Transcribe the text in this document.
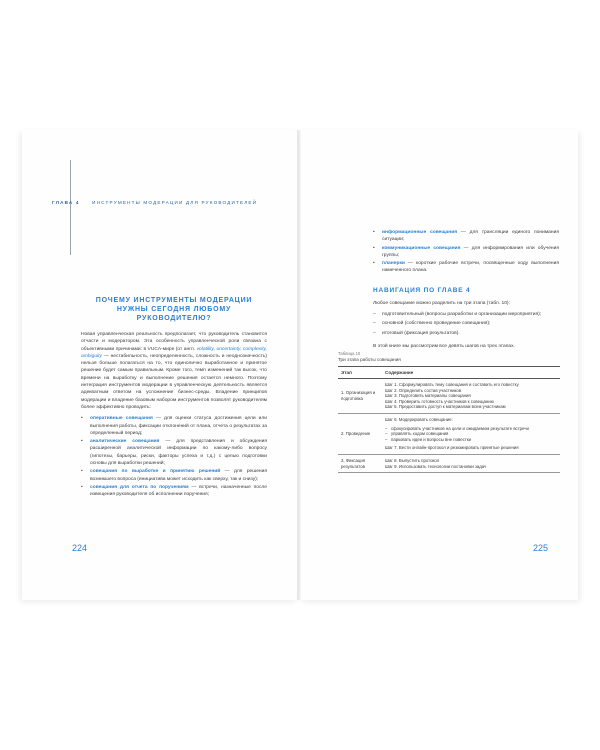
ГЛАВА 4	ИНСТРУМЕНТЫ МОДЕРАЦИИ ДЛЯ РУКОВОДИТЕЛЕЙ
ПОЧЕМУ ИНСТРУМЕНТЫ МОДЕРАЦИИ
НУЖНЫ СЕГОДНЯ ЛЮБОМУ РУКОВОДИТЕЛЮ?

Новая управленческая реальность предполагает, что руководитель становится отчасти и модератором. Эта особенность управленческой роли связана с объективными причинами: в VUCA-мире (от англ. volatility, uncertainty, complexity, ambiguity — нестабильность, неопределенность, сложность и неоднозначность) нельзя больше полагаться на то, что единолично выработанное и принятое решение будет самым правильным. Кроме того, темп изменений так высок, что времени на выработку и выполнение решения остается немного. Поэтому интеграция инструментов модерации в управленческую деятельность является адекватным ответом на усложнение бизнес-среды. Владение принципов модерации и владение базовым набором инструментов позволят руководителям более эффективно проводить:

• оперативные совещания — для оценки статуса достижения цели или выполнения работы, фиксации отклонений от плана, отчета о результатах за определенный период;
• аналитические совещания — для представления и обсуждения расширенной аналитической информации по какому-либо вопросу (гипотезы, барьеры, риски, факторы успеха и т.д.) с целью подготовки основы для выработки решений;
• совещания по выработке и принятию решений — для решения возникшего вопроса (инициатива может исходить как сверху, так и снизу);
• совещания для отчета по поручениям — встречи, назначенные после извещения руководителя об исполнении поручения;
224
• информационные совещания — для трансляции единого понимания ситуации;
• коммуникационные совещания — для информирования или обучения группы;
• планерки — короткие рабочие встречи, посвященные ходу выполнения намеченного плана.
НАВИГАЦИЯ ПО ГЛАВЕ 4

Любое совещание можно разделить на три этапа (табл. 10):

– подготовительный (вопросы разработки и организации мероприятия);
– основной (собственно проведение совещания);
– итоговый (фиксация результатов).

В этой книге мы рассмотрим все девять шагов на трех этапах.

Таблица 10
Три этапа работы совещания
Этап	Содержание
1. Организация и подготовка	Шаг 1. Сформулировать тему совещания и составить его повестку
Шаг 2. Определить состав участников
Шаг 3. Подготовить материалы совещания
Шаг 4. Проверить готовность участников к совещанию
Шаг 5. Предоставить доступ к материалам всем участникам

2. Проведение	Шаг 6. Модерировать совещание:
– сфокусировать участников на цели и ожидаемом результате встречи
– управлять ходом совещания
– парковать идеи и вопросы вне повестки
Шаг 7. Вести онлайн-протокол и резюмировать принятые решения

3. Фиксация результатов	Шаг 8. Выпустить протокол
Шаг 9. Использовать технологии постановки задач
225
